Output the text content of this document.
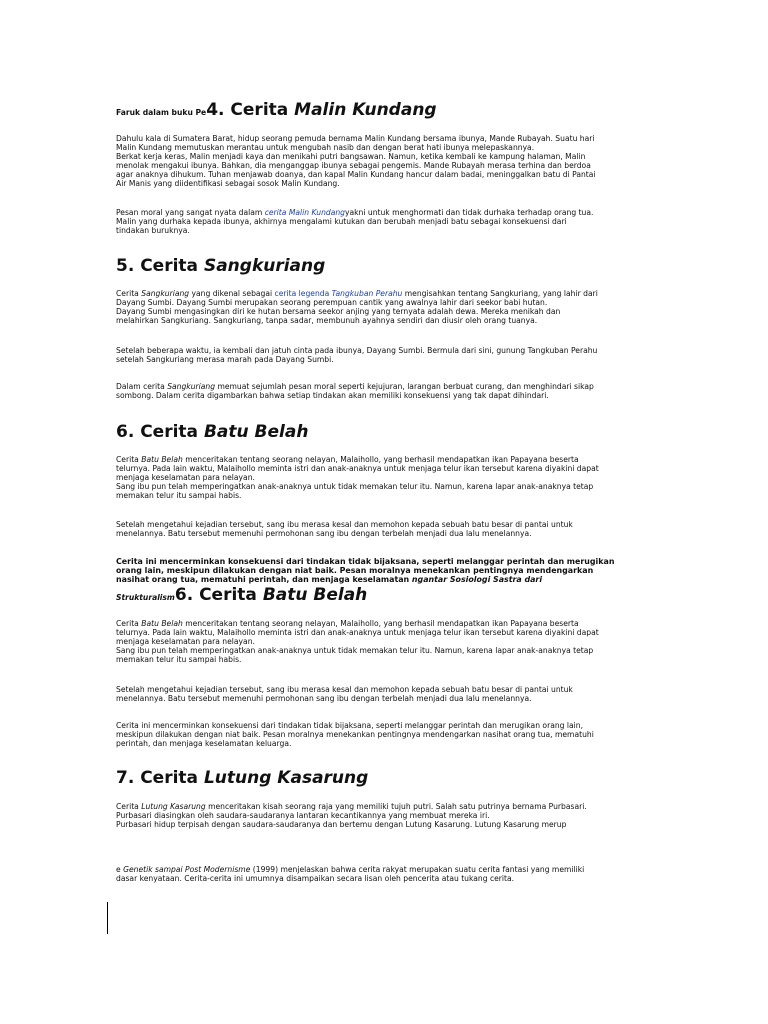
Faruk dalam buku Pe4. Cerita Malin Kundang
Dahulu kala di Sumatera Barat, hidup seorang pemuda bernama Malin Kundang bersama ibunya, Mande Rubayah. Suatu hari
Malin Kundang memutuskan merantau untuk mengubah nasib dan dengan berat hati ibunya melepaskannya.
Berkat kerja keras, Malin menjadi kaya dan menikahi putri bangsawan. Namun, ketika kembali ke kampung halaman, Malin
menolak mengakui ibunya. Bahkan, dia menganggap ibunya sebagai pengemis. Mande Rubayah merasa terhina dan berdoa
agar anaknya dihukum. Tuhan menjawab doanya, dan kapal Malin Kundang hancur dalam badai, meninggalkan batu di Pantai
Air Manis yang diidentifikasi sebagai sosok Malin Kundang.
Pesan moral yang sangat nyata dalam cerita Malin Kundangyakni untuk menghormati dan tidak durhaka terhadap orang tua.
Malin yang durhaka kepada ibunya, akhirnya mengalami kutukan dan berubah menjadi batu sebagai konsekuensi dari
tindakan buruknya.
5. Cerita Sangkuriang
Cerita Sangkuriang yang dikenal sebagai cerita legenda Tangkuban Perahu mengisahkan tentang Sangkuriang, yang lahir dari
Dayang Sumbi. Dayang Sumbi merupakan seorang perempuan cantik yang awalnya lahir dari seekor babi hutan.
Dayang Sumbi mengasingkan diri ke hutan bersama seekor anjing yang ternyata adalah dewa. Mereka menikah dan
melahirkan Sangkuriang. Sangkuriang, tanpa sadar, membunuh ayahnya sendiri dan diusir oleh orang tuanya.
Setelah beberapa waktu, ia kembali dan jatuh cinta pada ibunya, Dayang Sumbi. Bermula dari sini, gunung Tangkuban Perahu
setelah Sangkuriang merasa marah pada Dayang Sumbi.
Dalam cerita Sangkuriang memuat sejumlah pesan moral seperti kejujuran, larangan berbuat curang, dan menghindari sikap
sombong. Dalam cerita digambarkan bahwa setiap tindakan akan memiliki konsekuensi yang tak dapat dihindari.
6. Cerita Batu Belah
Cerita Batu Belah menceritakan tentang seorang nelayan, Malaihollo, yang berhasil mendapatkan ikan Papayana beserta
telurnya. Pada lain waktu, Malaihollo meminta istri dan anak-anaknya untuk menjaga telur ikan tersebut karena diyakini dapat
menjaga keselamatan para nelayan.
Sang ibu pun telah memperingatkan anak-anaknya untuk tidak memakan telur itu. Namun, karena lapar anak-anaknya tetap
memakan telur itu sampai habis.
Setelah mengetahui kejadian tersebut, sang ibu merasa kesal dan memohon kepada sebuah batu besar di pantai untuk
menelannya. Batu tersebut memenuhi permohonan sang ibu dengan terbelah menjadi dua lalu menelannya.
Cerita ini mencerminkan konsekuensi dari tindakan tidak bijaksana, seperti melanggar perintah dan merugikan
orang lain, meskipun dilakukan dengan niat baik. Pesan moralnya menekankan pentingnya mendengarkan
nasihat orang tua, mematuhi perintah, dan menjaga keselamatan ngantar Sosiologi Sastra dari
Strukturalism6. Cerita Batu Belah
Cerita Batu Belah menceritakan tentang seorang nelayan, Malaihollo, yang berhasil mendapatkan ikan Papayana beserta
telurnya. Pada lain waktu, Malaihollo meminta istri dan anak-anaknya untuk menjaga telur ikan tersebut karena diyakini dapat
menjaga keselamatan para nelayan.
Sang ibu pun telah memperingatkan anak-anaknya untuk tidak memakan telur itu. Namun, karena lapar anak-anaknya tetap
memakan telur itu sampai habis.
Setelah mengetahui kejadian tersebut, sang ibu merasa kesal dan memohon kepada sebuah batu besar di pantai untuk
menelannya. Batu tersebut memenuhi permohonan sang ibu dengan terbelah menjadi dua lalu menelannya.
Cerita ini mencerminkan konsekuensi dari tindakan tidak bijaksana, seperti melanggar perintah dan merugikan orang lain,
meskipun dilakukan dengan niat baik. Pesan moralnya menekankan pentingnya mendengarkan nasihat orang tua, mematuhi
perintah, dan menjaga keselamatan keluarga.
7. Cerita Lutung Kasarung
Cerita Lutung Kasarung menceritakan kisah seorang raja yang memiliki tujuh putri. Salah satu putrinya bernama Purbasari.
Purbasari diasingkan oleh saudara-saudaranya lantaran kecantikannya yang membuat mereka iri.
Purbasari hidup terpisah dengan saudara-saudaranya dan bertemu dengan Lutung Kasarung. Lutung Kasarung merup
e Genetik sampai Post Modernisme (1999) menjelaskan bahwa cerita rakyat merupakan suatu cerita fantasi yang memiliki
dasar kenyataan. Cerita-cerita ini umumnya disampaikan secara lisan oleh pencerita atau tukang cerita.
